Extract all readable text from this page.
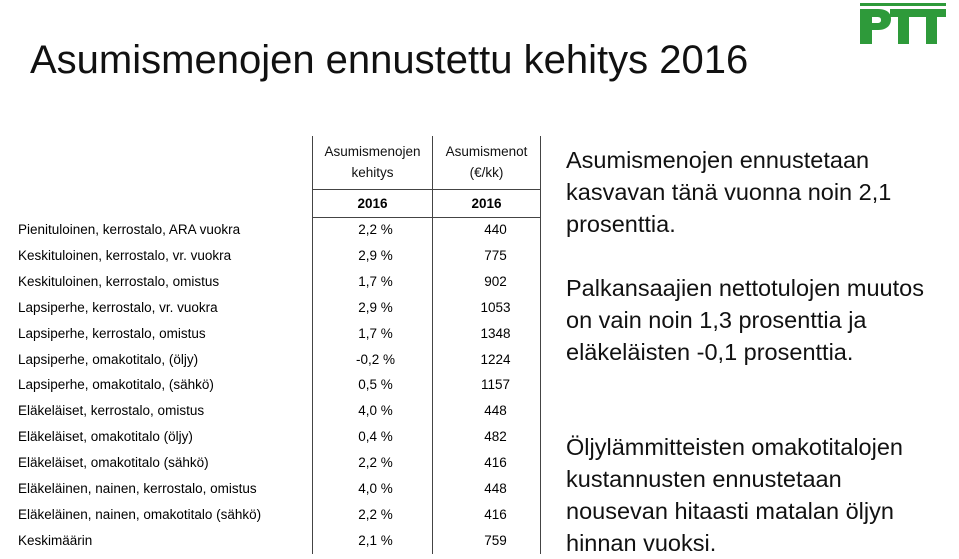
Asumismenojen ennustettu kehitys 2016
Asumismenojen
kehitys
Asumismenot
(€/kk)
2016	2016
Pienituloinen, kerrostalo, ARA vuokra	2,2 %	440
Keskituloinen, kerrostalo, vr. vuokra	2,9 %	775
Keskituloinen, kerrostalo, omistus	1,7 %	902
Lapsiperhe, kerrostalo, vr. vuokra	2,9 %	1053
Lapsiperhe, kerrostalo, omistus	1,7 %	1348
Lapsiperhe, omakotitalo, (öljy)	-0,2 %	1224
Lapsiperhe, omakotitalo, (sähkö)	0,5 %	1157
Eläkeläiset, kerrostalo, omistus	4,0 %	448
Eläkeläiset, omakotitalo (öljy)	0,4 %	482
Eläkeläiset, omakotitalo (sähkö)	2,2 %	416
Eläkeläinen, nainen, kerrostalo, omistus	4,0 %	448
Eläkeläinen, nainen, omakotitalo (sähkö)	2,2 %	416
Keskimäärin	2,1 %	759
Asumismenojen ennustetaan kasvavan tänä vuonna noin 2,1 prosenttia.
Palkansaajien nettotulojen muutos on vain noin 1,3 prosenttia ja eläkeläisten -0,1 prosenttia.
Öljylämmitteisten omakotitalojen kustannusten ennustetaan nousevan hitaasti matalan öljyn hinnan vuoksi.
